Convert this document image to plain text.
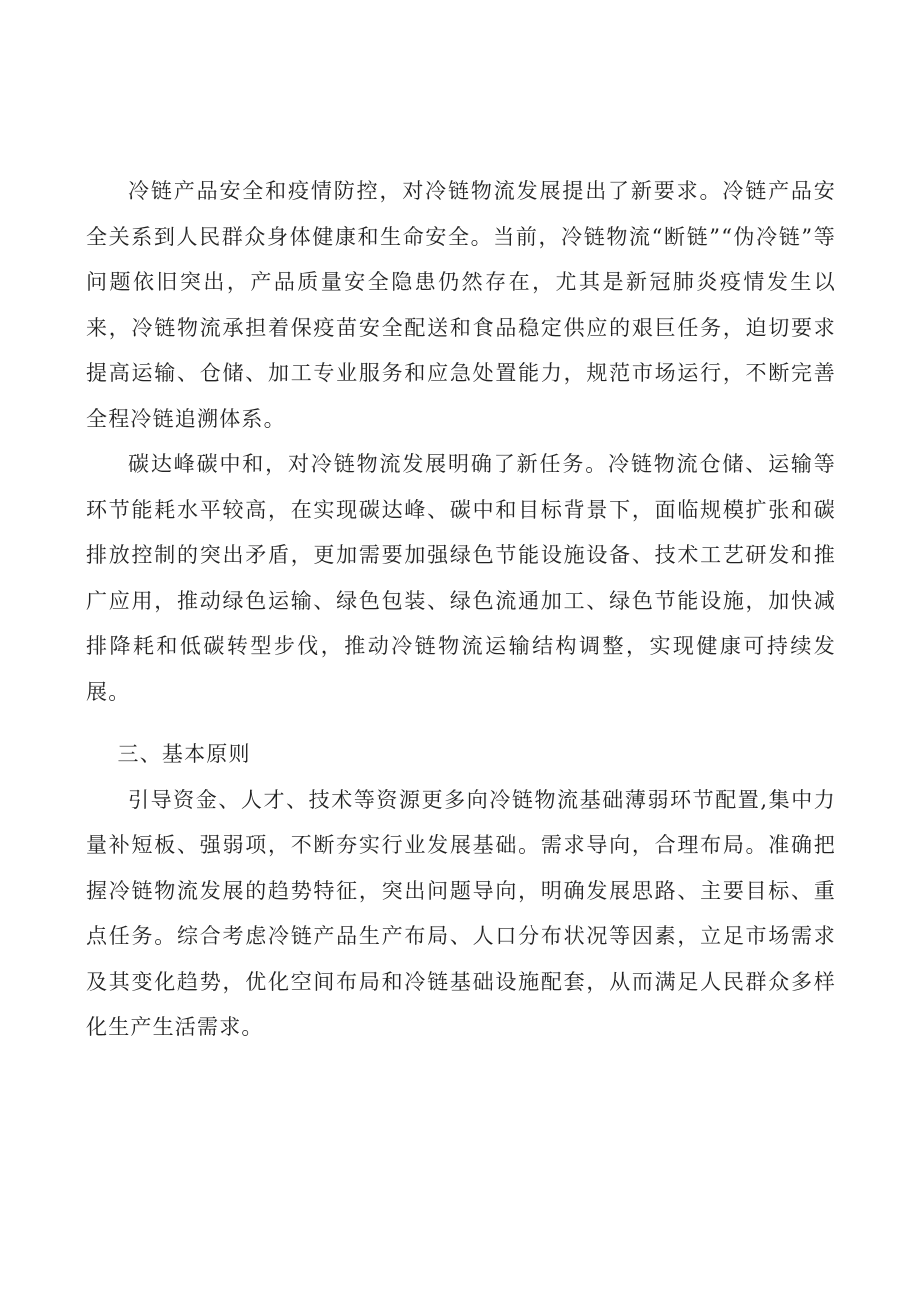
冷链产品安全和疫情防控，对冷链物流发展提出了新要求。冷链产品安全关系到人民群众身体健康和生命安全。当前，冷链物流“断链”“伪冷链”等问题依旧突出，产品质量安全隐患仍然存在，尤其是新冠肺炎疫情发生以来，冷链物流承担着保疫苗安全配送和食品稳定供应的艰巨任务，迫切要求提高运输、仓储、加工专业服务和应急处置能力，规范市场运行，不断完善全程冷链追溯体系。

碳达峰碳中和，对冷链物流发展明确了新任务。冷链物流仓储、运输等环节能耗水平较高，在实现碳达峰、碳中和目标背景下，面临规模扩张和碳排放控制的突出矛盾，更加需要加强绿色节能设施设备、技术工艺研发和推广应用，推动绿色运输、绿色包装、绿色流通加工、绿色节能设施，加快减排降耗和低碳转型步伐，推动冷链物流运输结构调整，实现健康可持续发展。

三、基本原则

引导资金、人才、技术等资源更多向冷链物流基础薄弱环节配置,集中力量补短板、强弱项，不断夯实行业发展基础。需求导向，合理布局。准确把握冷链物流发展的趋势特征，突出问题导向，明确发展思路、主要目标、重点任务。综合考虑冷链产品生产布局、人口分布状况等因素，立足市场需求及其变化趋势，优化空间布局和冷链基础设施配套，从而满足人民群众多样化生产生活需求。
